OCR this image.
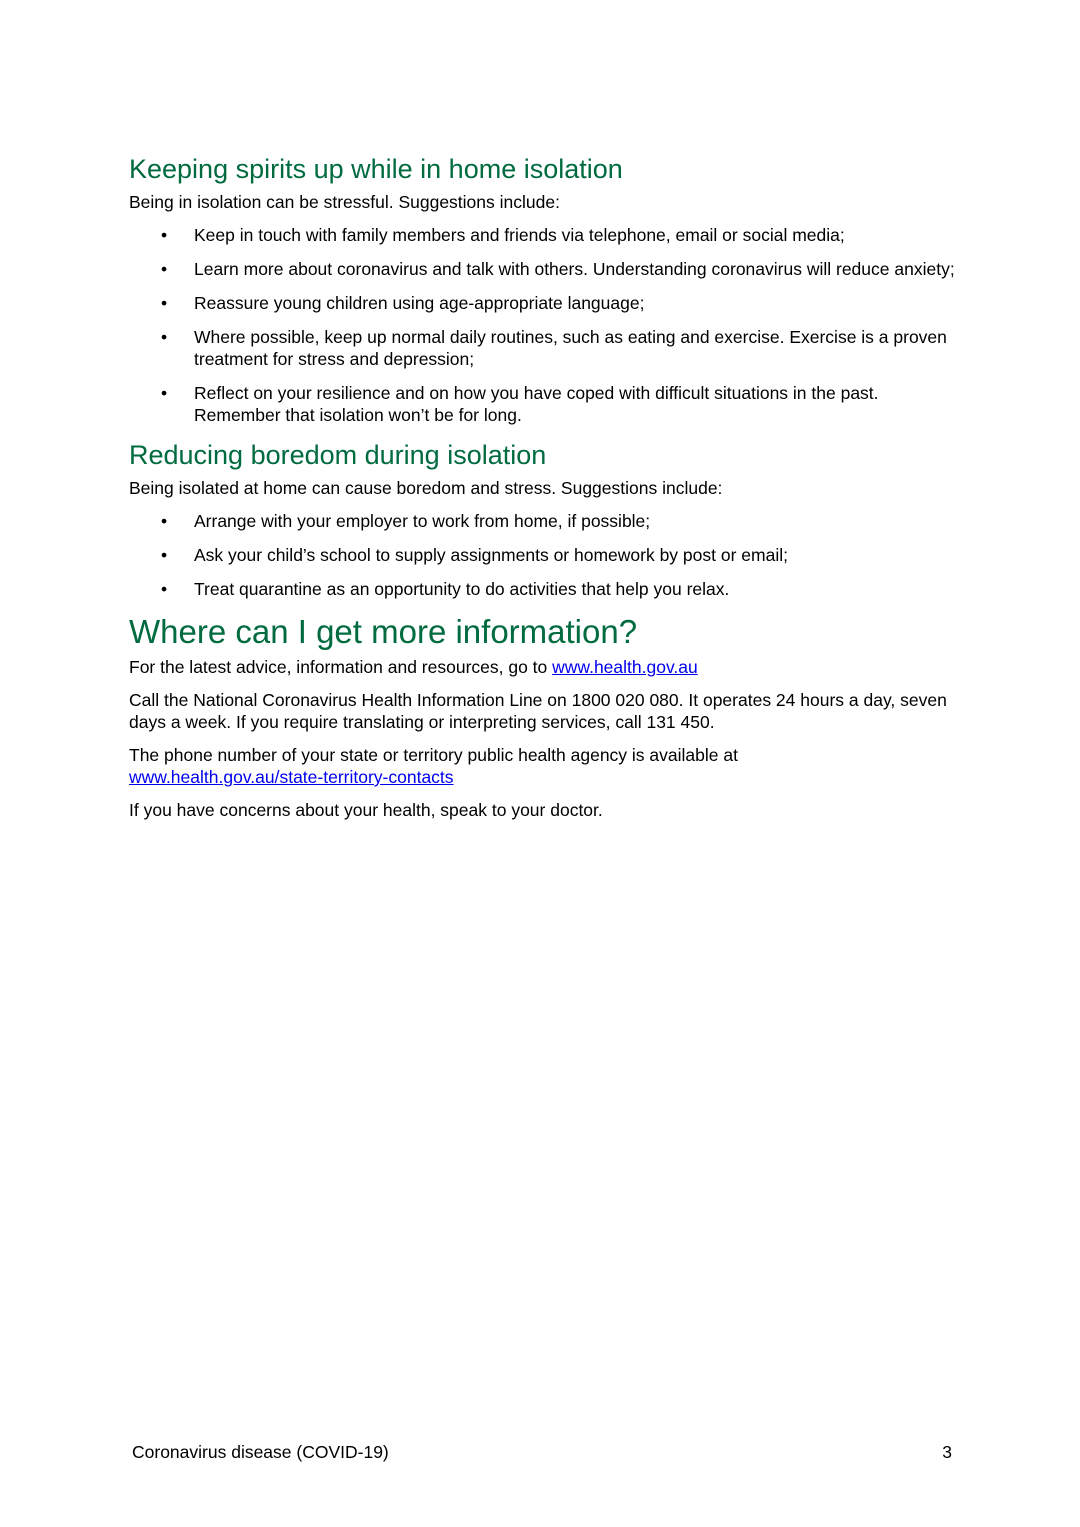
Keeping spirits up while in home isolation

Being in isolation can be stressful. Suggestions include:

• Keep in touch with family members and friends via telephone, email or social media;
• Learn more about coronavirus and talk with others. Understanding coronavirus will reduce anxiety;
• Reassure young children using age-appropriate language;
• Where possible, keep up normal daily routines, such as eating and exercise. Exercise is a proven treatment for stress and depression;
• Reflect on your resilience and on how you have coped with difficult situations in the past. Remember that isolation won’t be for long.
Reducing boredom during isolation

Being isolated at home can cause boredom and stress. Suggestions include:

• Arrange with your employer to work from home, if possible;
• Ask your child’s school to supply assignments or homework by post or email;
• Treat quarantine as an opportunity to do activities that help you relax.
Where can I get more information?

For the latest advice, information and resources, go to www.health.gov.au

Call the National Coronavirus Health Information Line on 1800 020 080. It operates 24 hours a day, seven days a week. If you require translating or interpreting services, call 131 450.

The phone number of your state or territory public health agency is available at
www.health.gov.au/state-territory-contacts

If you have concerns about your health, speak to your doctor.

Coronavirus disease (COVID-19)	3
